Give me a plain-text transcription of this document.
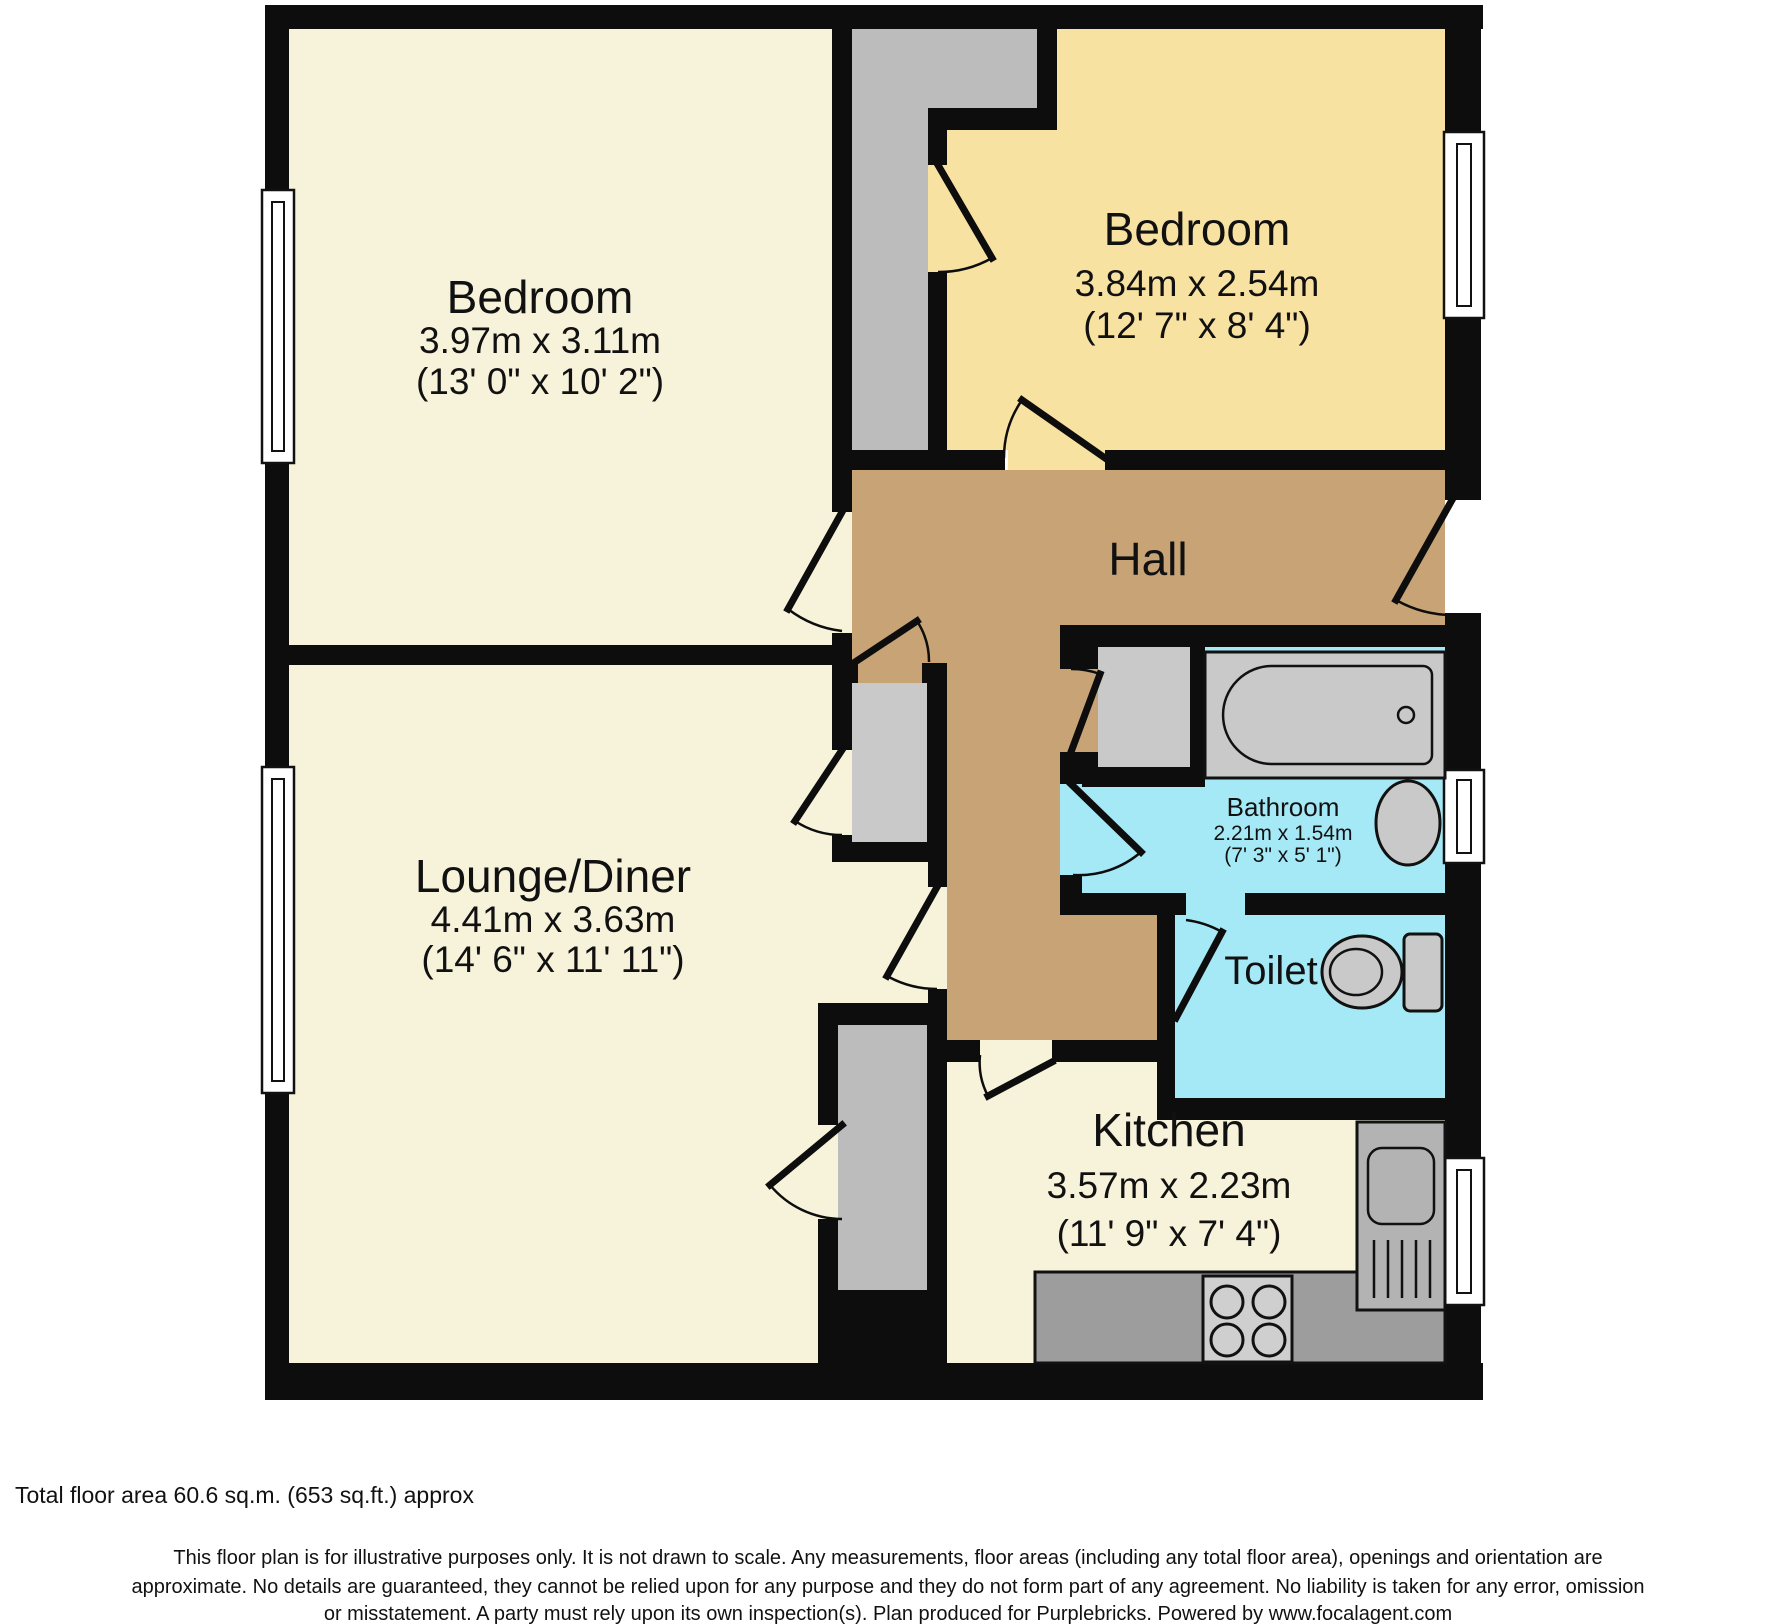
Bedroom
3.97m x 3.11m
(13' 0" x 10' 2")
Bedroom
3.84m x 2.54m
(12' 7" x 8' 4")
Hall
Lounge/Diner
4.41m x 3.63m
(14' 6" x 11' 11")
Bathroom
2.21m x 1.54m
(7' 3" x 5' 1")
Toilet
Kitchen
3.57m x 2.23m
(11' 9" x 7' 4")
Total floor area 60.6 sq.m. (653 sq.ft.) approx
This floor plan is for illustrative purposes only. It is not drawn to scale. Any measurements, floor areas (including any total floor area), openings and orientation are
approximate. No details are guaranteed, they cannot be relied upon for any purpose and they do not form part of any agreement. No liability is taken for any error, omission
or misstatement. A party must rely upon its own inspection(s). Plan produced for Purplebricks. Powered by www.focalagent.com
